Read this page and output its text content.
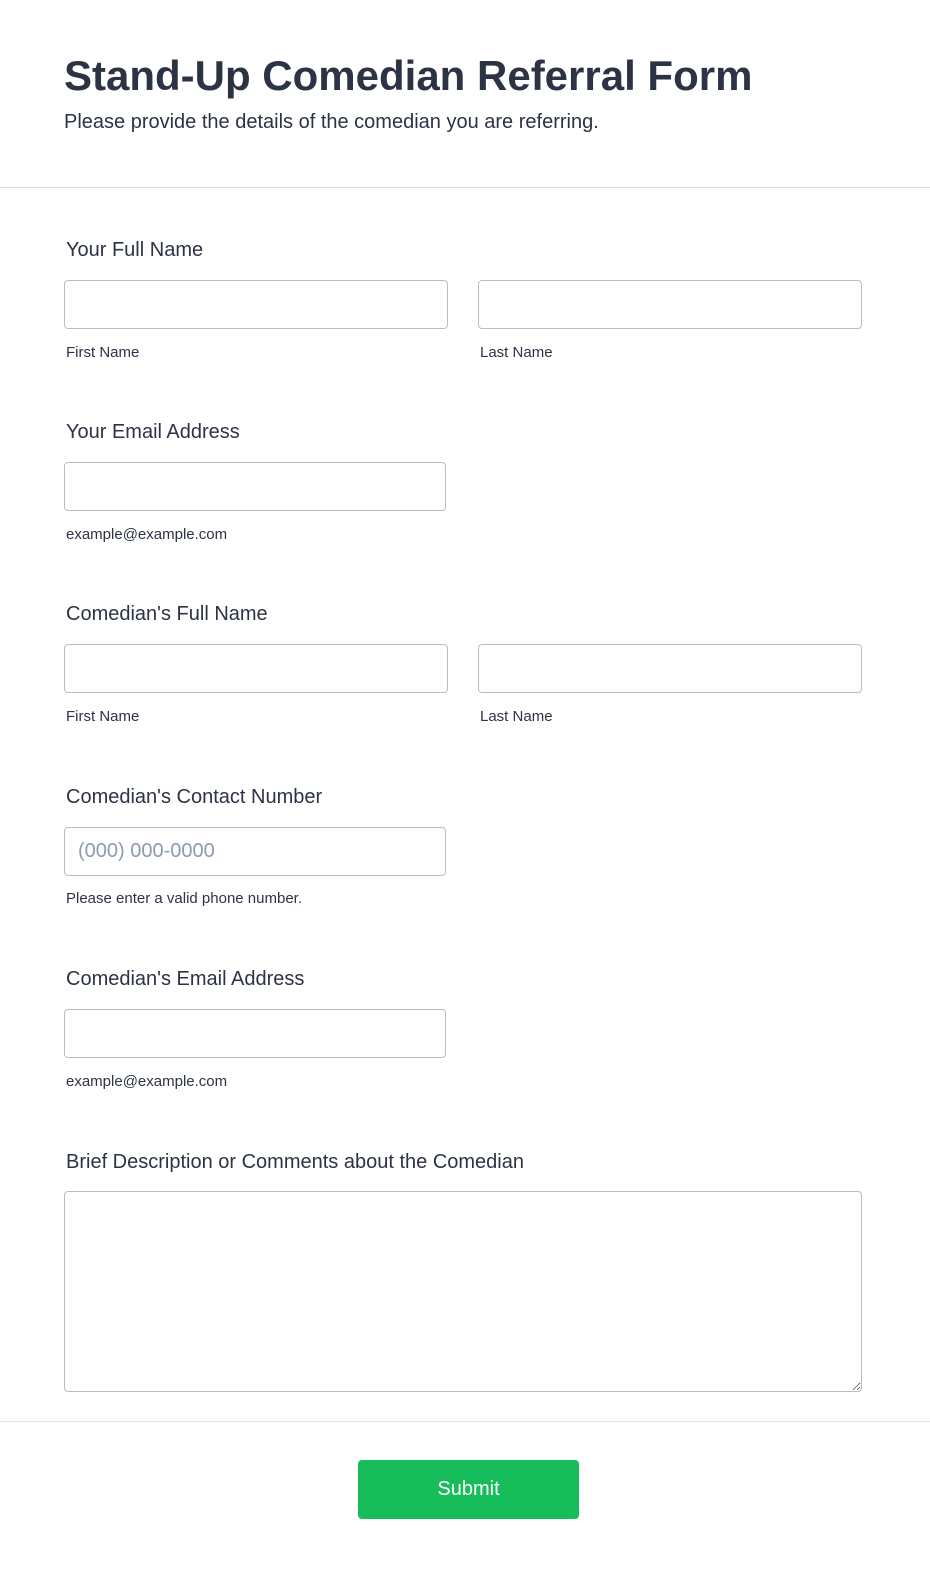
Stand-Up Comedian Referral Form
Please provide the details of the comedian you are referring.
Your Full Name
First Name	Last Name
Your Email Address
example@example.com
Comedian's Full Name
First Name	Last Name
Comedian's Contact Number
(000) 000-0000
Please enter a valid phone number.
Comedian's Email Address
example@example.com
Brief Description or Comments about the Comedian
Submit
